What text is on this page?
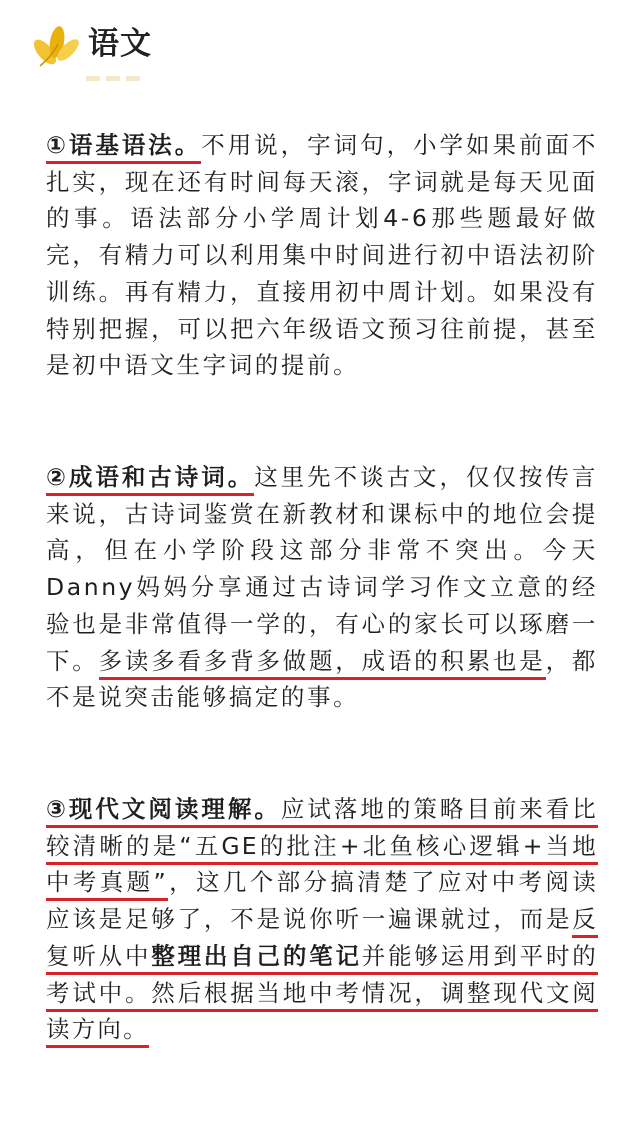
语文

①语基语法。不用说，字词句，小学如果前面不扎实，现在还有时间每天滚，字词就是每天见面的事。语法部分小学周计划4-6那些题最好做完，有精力可以利用集中时间进行初中语法初阶训练。再有精力，直接用初中周计划。如果没有特别把握，可以把六年级语文预习往前提，甚至是初中语文生字词的提前。

②成语和古诗词。这里先不谈古文，仅仅按传言来说，古诗词鉴赏在新教材和课标中的地位会提高，但在小学阶段这部分非常不突出。今天Danny妈妈分享通过古诗词学习作文立意的经验也是非常值得一学的，有心的家长可以琢磨一下。多读多看多背多做题，成语的积累也是，都不是说突击能够搞定的事。

③现代文阅读理解。应试落地的策略目前来看比较清晰的是“五GE的批注+北鱼核心逻辑+当地中考真题”，这几个部分搞清楚了应对中考阅读应该是足够了，不是说你听一遍课就过，而是反复听从中整理出自己的笔记并能够运用到平时的考试中。然后根据当地中考情况，调整现代文阅读方向。
